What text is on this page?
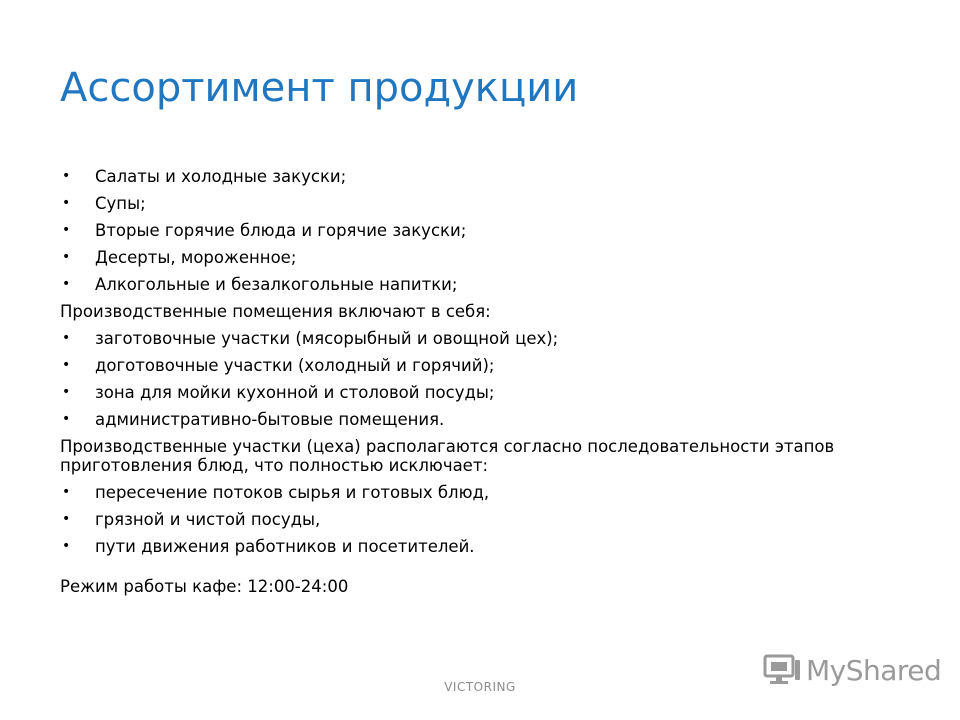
Ассортимент продукции
• Салаты и холодные закуски;
• Супы;
• Вторые горячие блюда и горячие закуски;
• Десерты, мороженное;
• Алкогольные и безалкогольные напитки;

Производственные помещения включают в себя:

• заготовочные участки (мясорыбный и овощной цех);
• доготовочные участки (холодный и горячий);
• зона для мойки кухонной и столовой посуды;
• административно-бытовые помещения.

Производственные участки (цеха) располагаются согласно последовательности этапов приготовления блюд, что полностью исключает:

• пересечение потоков сырья и готовых блюд,
• грязной и чистой посуды,
• пути движения работников и посетителей.

Режим работы кафе: 12:00-24:00

VICTORING
MyShared
